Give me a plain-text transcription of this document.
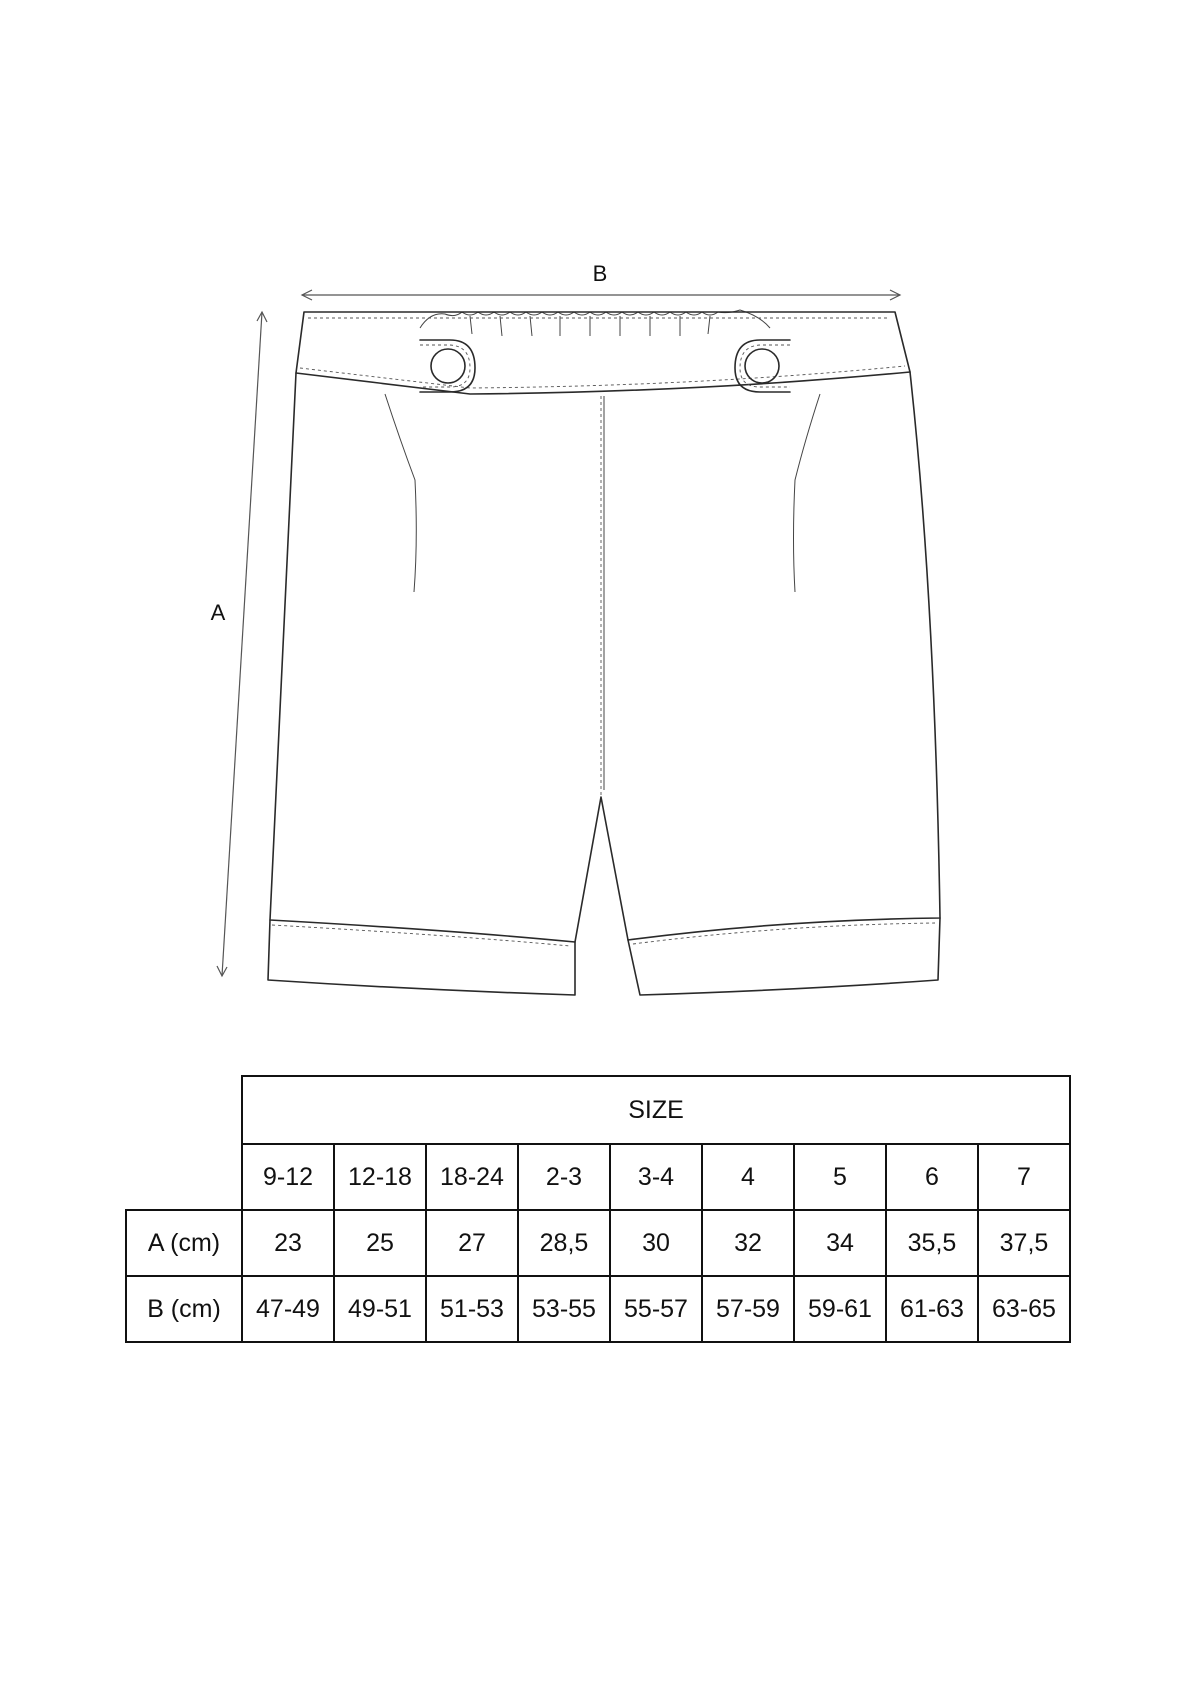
B
A
	SIZE								
	9-12	12-18	18-24	2-3	3-4	4	5	6	7
A (cm)	23	25	27	28,5	30	32	34	35,5	37,5
B (cm)	47-49	49-51	51-53	53-55	55-57	57-59	59-61	61-63	63-65
